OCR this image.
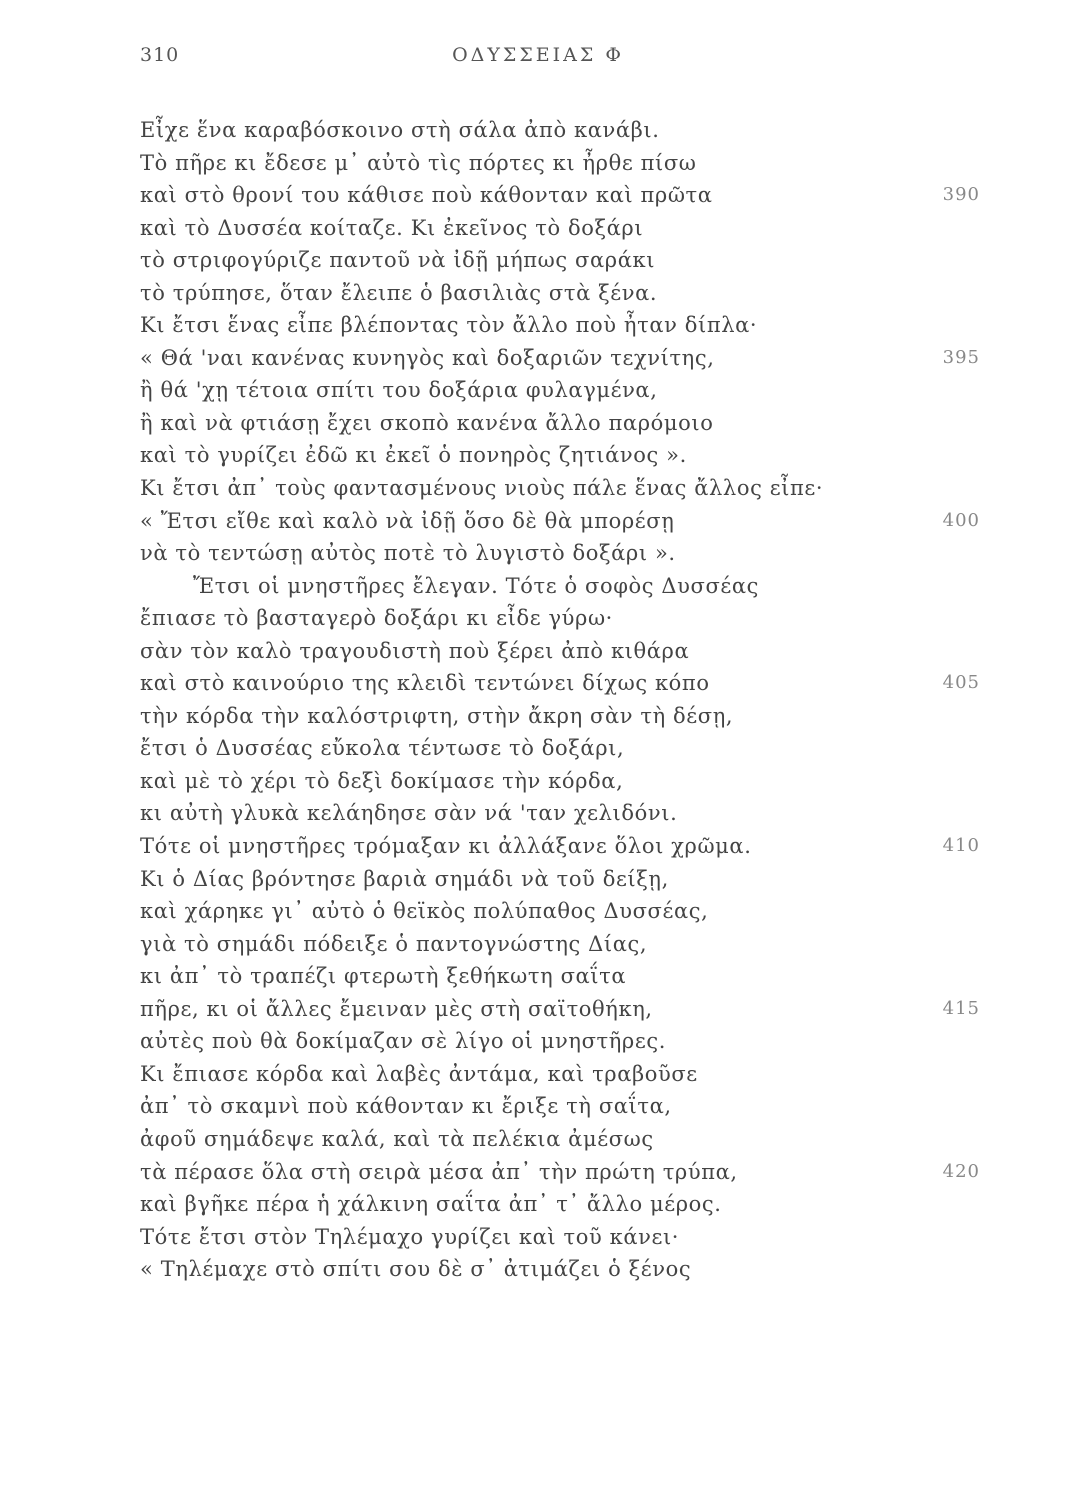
310	ΟΔΥΣΣΕΙΑΣ Φ
Εἶχε ἕνα καραβόσκοινο στὴ σάλα ἀπὸ κανάβι.
Τὸ πῆρε κι ἔδεσε μ᾽ αὐτὸ τὶς πόρτες κι ἦρθε πίσω
καὶ στὸ θρονί του κάθισε ποὺ κάθονταν καὶ πρῶτα	390
καὶ τὸ Δυσσέα κοίταζε. Κι ἐκεῖνος τὸ δοξάρι
τὸ στριφογύριζε παντοῦ νὰ ἰδῇ μήπως σαράκι
τὸ τρύπησε, ὅταν ἔλειπε ὁ βασιλιὰς στὰ ξένα.
Κι ἔτσι ἕνας εἶπε βλέποντας τὸν ἄλλο ποὺ ἦταν δίπλα·
« Θά 'ναι κανένας κυνηγὸς καὶ δοξαριῶν τεχνίτης,	395
ἢ θά 'χῃ τέτοια σπίτι του δοξάρια φυλαγμένα,
ἢ καὶ νὰ φτιάσῃ ἔχει σκοπὸ κανένα ἄλλο παρόμοιο
καὶ τὸ γυρίζει ἐδῶ κι ἐκεῖ ὁ πονηρὸς ζητιάνος ».
Κι ἔτσι ἀπ᾽ τοὺς φαντασμένους νιοὺς πάλε ἕνας ἄλλος εἶπε·
« Ἔτσι εἴθε καὶ καλὸ νὰ ἰδῇ ὅσο δὲ θὰ μπορέσῃ	400
νὰ τὸ τεντώσῃ αὐτὸς ποτὲ τὸ λυγιστὸ δοξάρι ».
Ἔτσι οἱ μνηστῆρες ἔλεγαν. Τότε ὁ σοφὸς Δυσσέας
ἔπιασε τὸ βασταγερὸ δοξάρι κι εἶδε γύρω·
σὰν τὸν καλὸ τραγουδιστὴ ποὺ ξέρει ἀπὸ κιθάρα
καὶ στὸ καινούριο της κλειδὶ τεντώνει δίχως κόπο	405
τὴν κόρδα τὴν καλόστριφτη, στὴν ἄκρη σὰν τὴ δέσῃ,
ἔτσι ὁ Δυσσέας εὔκολα τέντωσε τὸ δοξάρι,
καὶ μὲ τὸ χέρι τὸ δεξὶ δοκίμασε τὴν κόρδα,
κι αὐτὴ γλυκὰ κελάηδησε σὰν νά 'ταν χελιδόνι.
Τότε οἱ μνηστῆρες τρόμαξαν κι ἀλλάξανε ὅλοι χρῶμα.	410
Κι ὁ Δίας βρόντησε βαριὰ σημάδι νὰ τοῦ δείξῃ,
καὶ χάρηκε γι᾽ αὐτὸ ὁ θεϊκὸς πολύπαθος Δυσσέας,
γιὰ τὸ σημάδι πόδειξε ὁ παντογνώστης Δίας,
κι ἀπ᾽ τὸ τραπέζι φτερωτὴ ξεθήκωτη σαΐτα
πῆρε, κι οἱ ἄλλες ἔμειναν μὲς στὴ σαϊτοθήκη,	415
αὐτὲς ποὺ θὰ δοκίμαζαν σὲ λίγο οἱ μνηστῆρες.
Κι ἔπιασε κόρδα καὶ λαβὲς ἀντάμα, καὶ τραβοῦσε
ἀπ᾽ τὸ σκαμνὶ ποὺ κάθονταν κι ἔριξε τὴ σαΐτα,
ἀφοῦ σημάδεψε καλά, καὶ τὰ πελέκια ἀμέσως
τὰ πέρασε ὅλα στὴ σειρὰ μέσα ἀπ᾽ τὴν πρώτη τρύπα,	420
καὶ βγῆκε πέρα ἡ χάλκινη σαΐτα ἀπ᾽ τ᾽ ἄλλο μέρος.
Τότε ἔτσι στὸν Τηλέμαχο γυρίζει καὶ τοῦ κάνει·
« Τηλέμαχε στὸ σπίτι σου δὲ σ᾽ ἀτιμάζει ὁ ξένος
